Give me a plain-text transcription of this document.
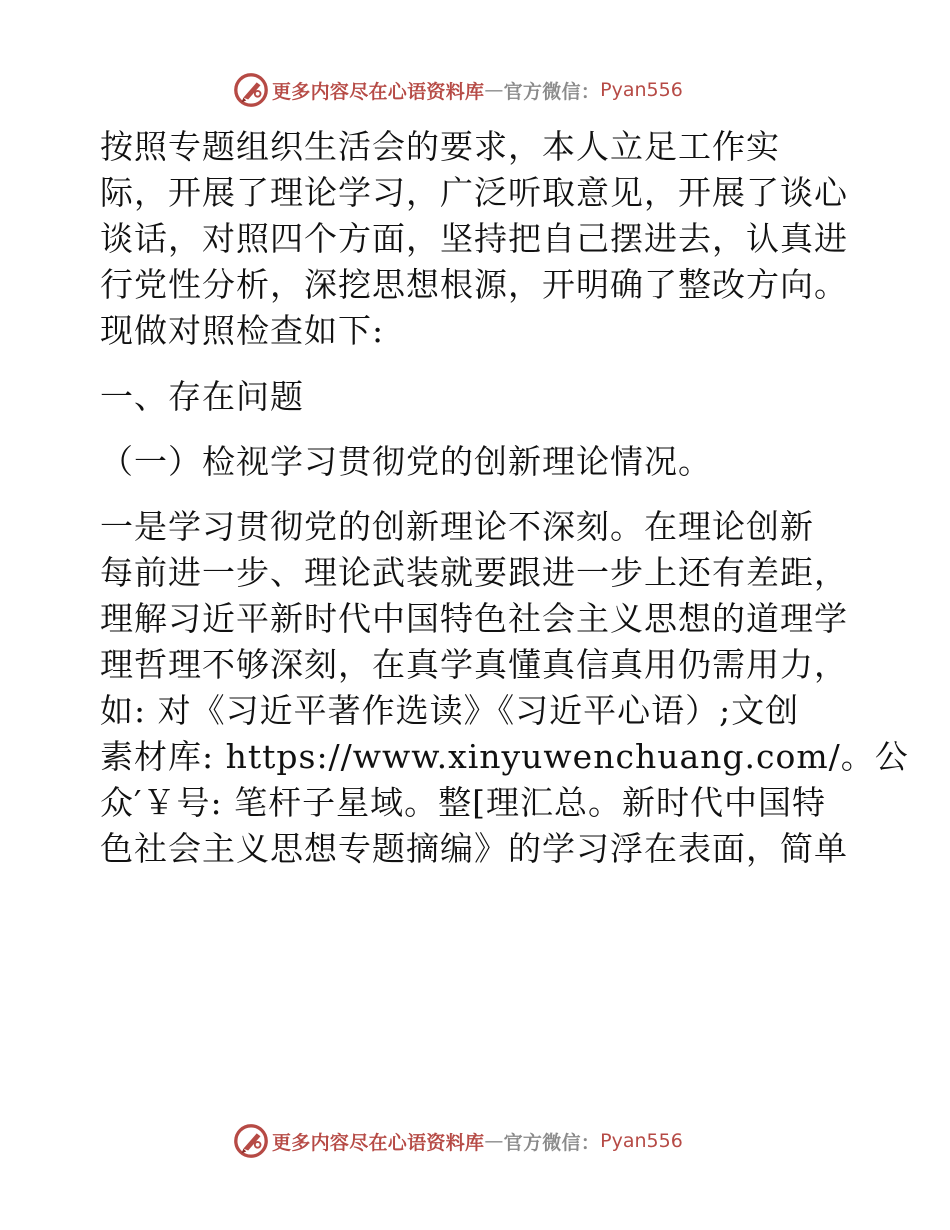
更多内容尽在心语资料库 — 官方微信： Pyan556
按照专题组织生活会的要求，本人立足工作实
际，开展了理论学习，广泛听取意见，开展了谈心
谈话，对照四个方面，坚持把自己摆进去，认真进
行党性分析，深挖思想根源，开明确了整改方向。
现做对照检查如下:
一、存在问题
（一）检视学习贯彻党的创新理论情况。
一是学习贯彻党的创新理论不深刻。在理论创新
每前进一步、理论武装就要跟进一步上还有差距，
理解习近平新时代中国特色社会主义思想的道理学
理哲理不够深刻，在真学真懂真信真用仍需用力，
如: 对《习近平著作选读》《习近平心语）;文创
素材库: https://www.xinyuwenchuang.com/。公
众′￥号: 笔杆子星域。整[理汇总。新时代中国特
色社会主义思想专题摘编》的学习浮在表面，简单
更多内容尽在心语资料库 — 官方微信： Pyan556
